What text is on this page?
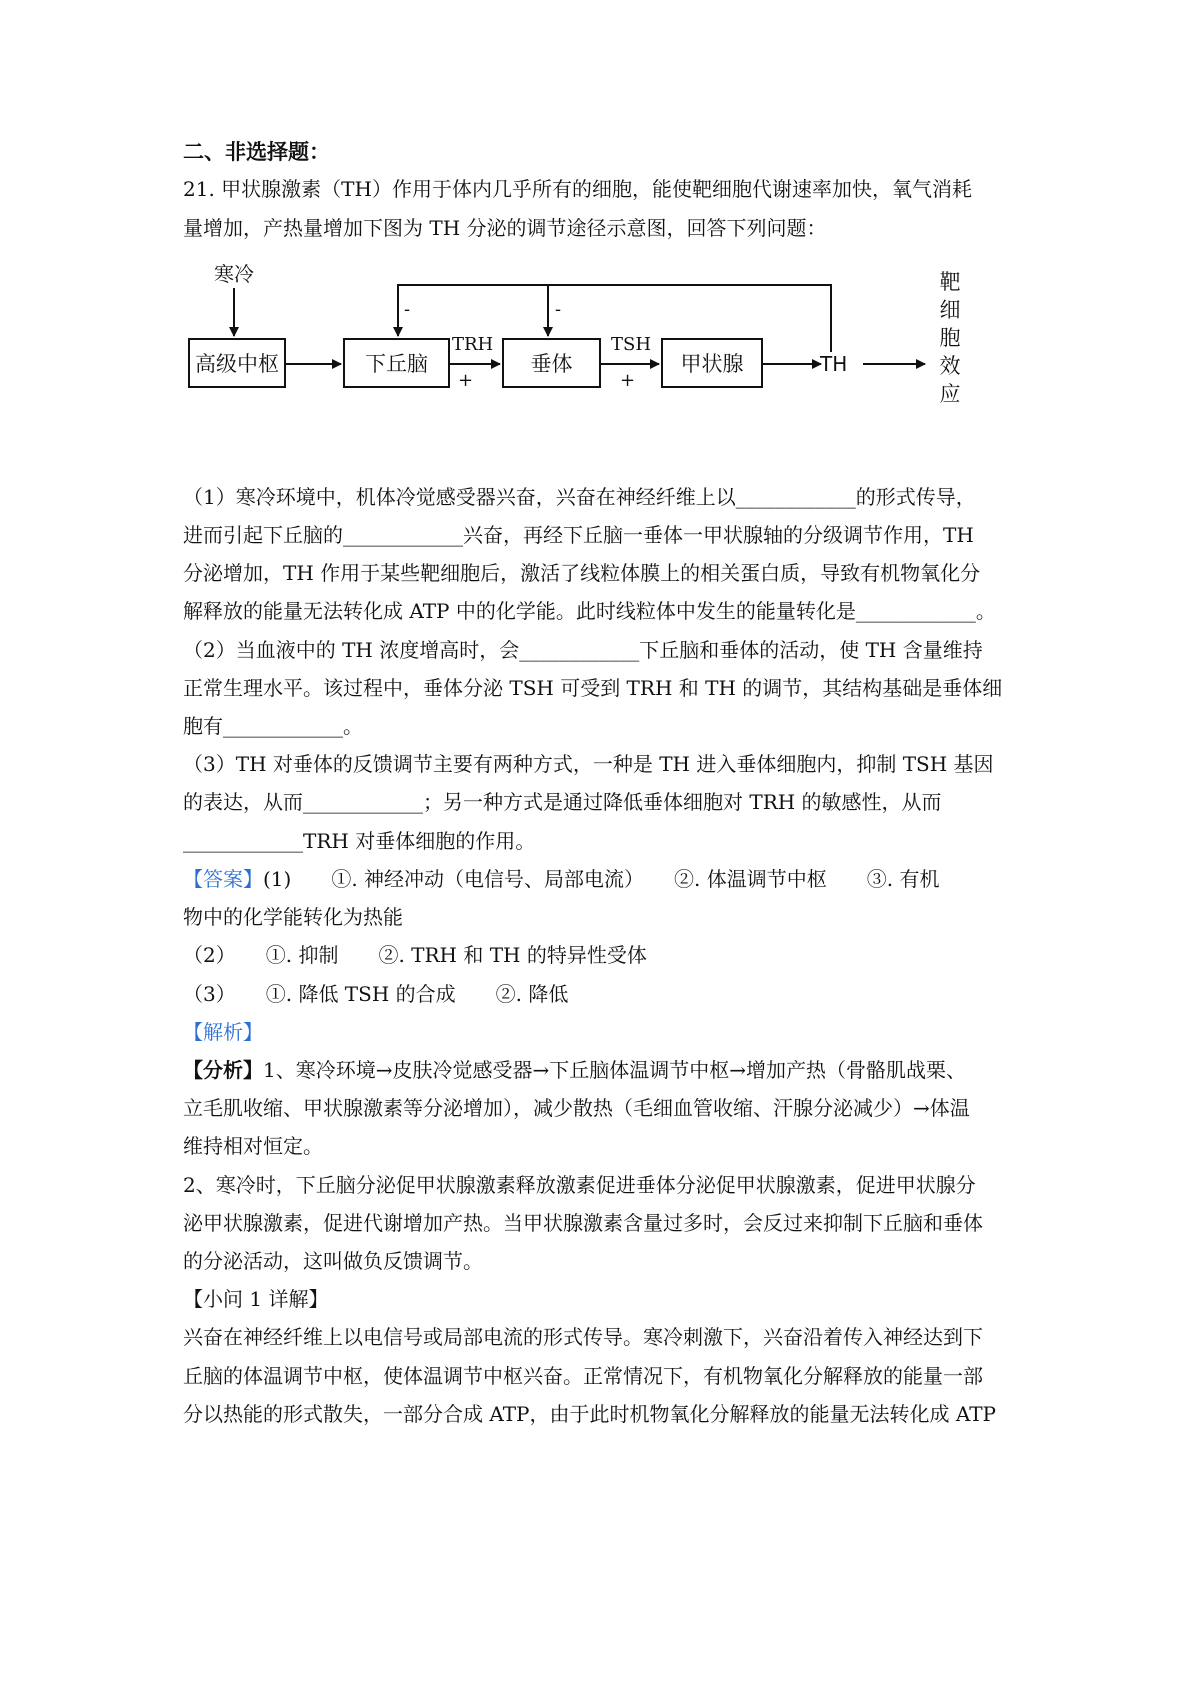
二、非选择题：
21. 甲状腺激素（TH）作用于体内几乎所有的细胞，能使靶细胞代谢速率加快，氧气消耗
量增加，产热量增加下图为 TH 分泌的调节途径示意图，回答下列问题：
寒冷
高级中枢	下丘脑	垂体	甲状腺
TRH	TSH
+	+
-	-
TH
靶
细
胞
效
应
（1）寒冷环境中，机体冷觉感受器兴奋，兴奋在神经纤维上以____________的形式传导，
进而引起下丘脑的____________兴奋，再经下丘脑一垂体一甲状腺轴的分级调节作用，TH
分泌增加，TH 作用于某些靶细胞后，激活了线粒体膜上的相关蛋白质，导致有机物氧化分
解释放的能量无法转化成 ATP 中的化学能。此时线粒体中发生的能量转化是____________。
（2）当血液中的 TH 浓度增高时，会____________下丘脑和垂体的活动，使 TH 含量维持
正常生理水平。该过程中，垂体分泌 TSH 可受到 TRH 和 TH 的调节，其结构基础是垂体细
胞有____________。
（3）TH 对垂体的反馈调节主要有两种方式，一种是 TH 进入垂体细胞内，抑制 TSH 基因
的表达，从而____________；另一种方式是通过降低垂体细胞对 TRH 的敏感性，从而
____________TRH 对垂体细胞的作用。
【答案】(1)　　①. 神经冲动（电信号、局部电流）　　②. 体温调节中枢　　③. 有机
物中的化学能转化为热能
（2）　　①. 抑制　　②. TRH 和 TH 的特异性受体
（3）　　①. 降低 TSH 的合成　　②. 降低
【解析】
【分析】1、寒冷环境→皮肤冷觉感受器→下丘脑体温调节中枢→增加产热（骨骼肌战栗、
立毛肌收缩、甲状腺激素等分泌增加），减少散热（毛细血管收缩、汗腺分泌减少）→体温
维持相对恒定。
2、寒冷时，下丘脑分泌促甲状腺激素释放激素促进垂体分泌促甲状腺激素，促进甲状腺分
泌甲状腺激素，促进代谢增加产热。当甲状腺激素含量过多时，会反过来抑制下丘脑和垂体
的分泌活动，这叫做负反馈调节。
【小问 1 详解】
兴奋在神经纤维上以电信号或局部电流的形式传导。寒冷刺激下，兴奋沿着传入神经达到下
丘脑的体温调节中枢，使体温调节中枢兴奋。正常情况下，有机物氧化分解释放的能量一部
分以热能的形式散失，一部分合成 ATP，由于此时机物氧化分解释放的能量无法转化成 ATP
